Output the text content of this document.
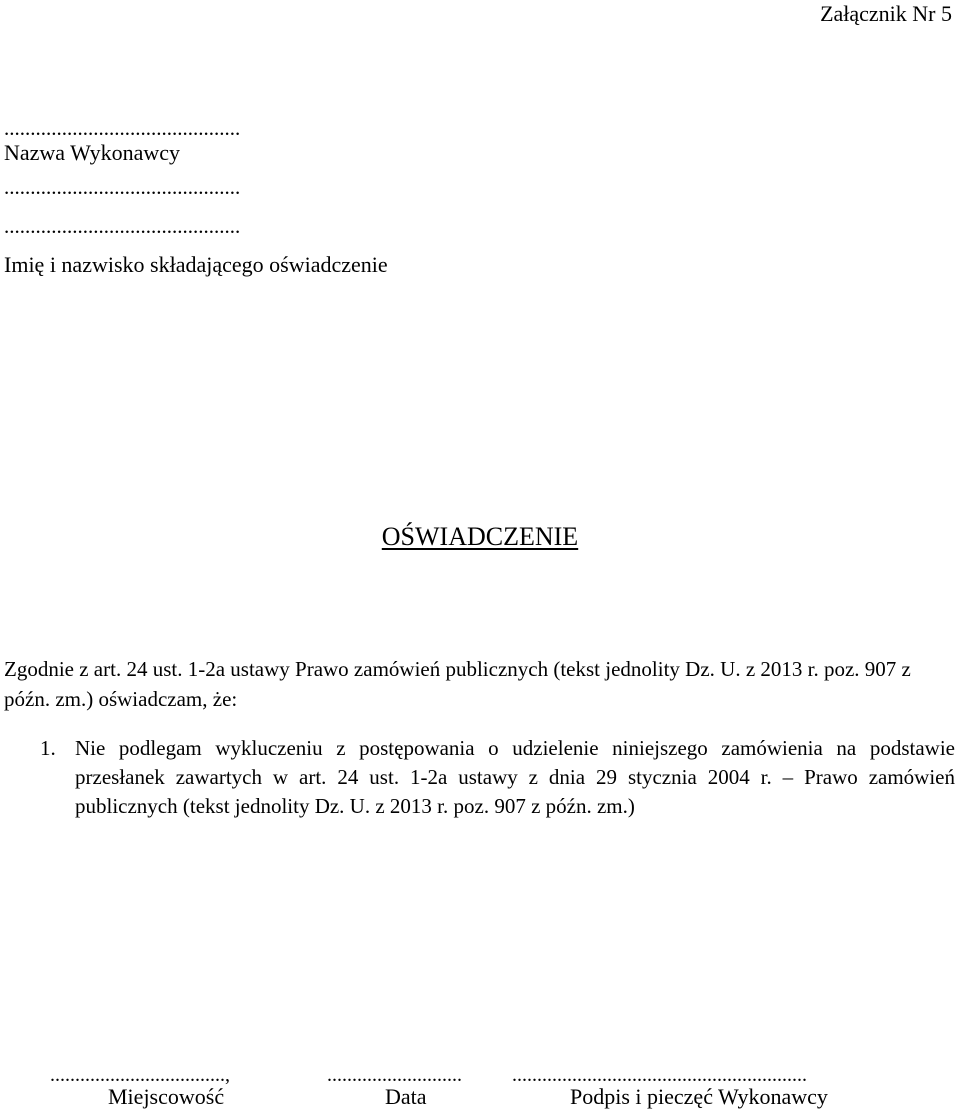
Załącznik Nr 5
.............................................
Nazwa Wykonawcy
.............................................
.............................................
Imię i nazwisko składającego oświadczenie
OŚWIADCZENIE
Zgodnie z art. 24 ust. 1-2a ustawy Prawo zamówień publicznych (tekst jednolity Dz. U. z 2013 r. poz. 907 z późn. zm.) oświadczam, że:
1. Nie podlegam wykluczeniu z postępowania o udzielenie niniejszego zamówienia na podstawie przesłanek zawartych w art. 24 ust. 1-2a ustawy z dnia 29 stycznia 2004 r. – Prawo zamówień publicznych (tekst jednolity Dz. U. z 2013 r. poz. 907 z późn. zm.)
...................................,	...........................	...........................................................
Miejscowość	Data	Podpis i pieczęć Wykonawcy
